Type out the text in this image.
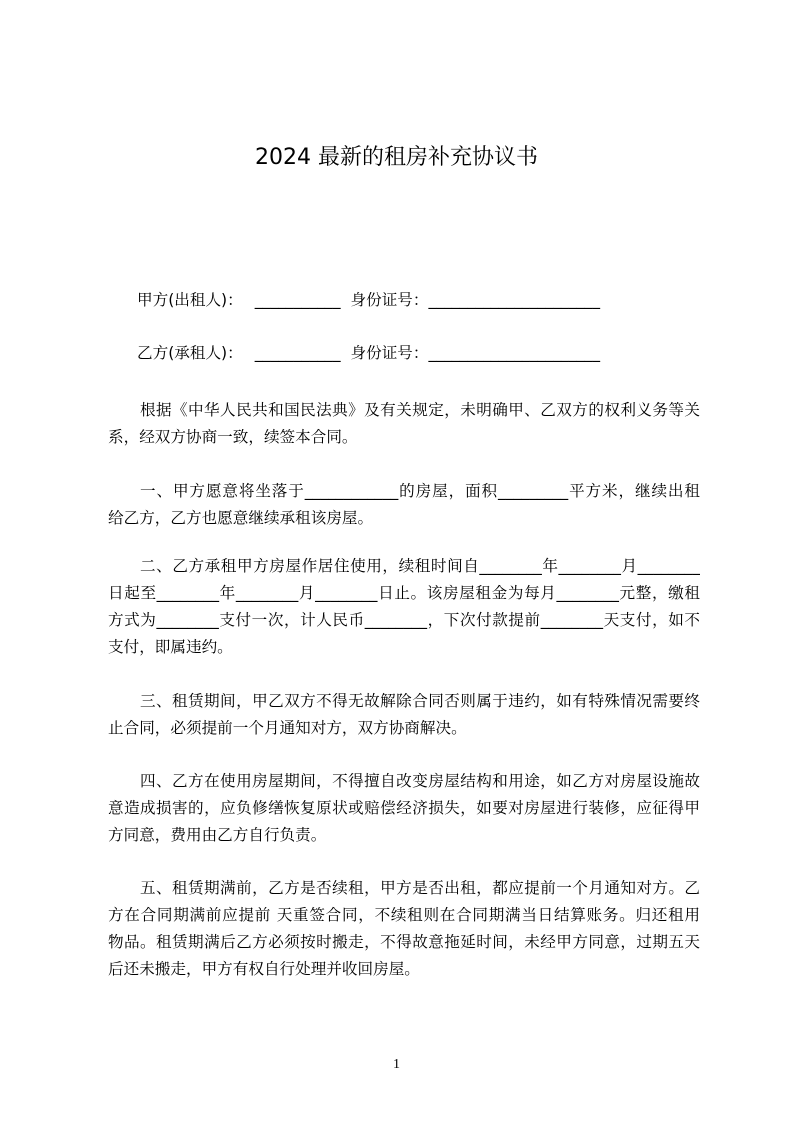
2024 最新的租房补充协议书
甲方(出租人)： ___________ 身份证号：______________________
乙方(承租人)： ___________ 身份证号：______________________
根据《中华人民共和国民法典》及有关规定，未明确甲、乙双方的权利义务等关
系，经双方协商一致，续签本合同。
一、甲方愿意将坐落于____________的房屋，面积_________平方米，继续出租
给乙方，乙方也愿意继续承租该房屋。
二、乙方承租甲方房屋作居住使用，续租时间自________年________月________
日起至________年________月________日止。该房屋租金为每月________元整，缴租
方式为________支付一次，计人民币________，下次付款提前________天支付，如不
支付，即属违约。
三、租赁期间，甲乙双方不得无故解除合同否则属于违约，如有特殊情况需要终
止合同，必须提前一个月通知对方，双方协商解决。
四、乙方在使用房屋期间，不得擅自改变房屋结构和用途，如乙方对房屋设施故
意造成损害的，应负修缮恢复原状或赔偿经济损失，如要对房屋进行装修，应征得甲
方同意，费用由乙方自行负责。
五、租赁期满前，乙方是否续租，甲方是否出租，都应提前一个月通知对方。乙
方在合同期满前应提前 天重签合同，不续租则在合同期满当日结算账务。归还租用
物品。租赁期满后乙方必须按时搬走，不得故意拖延时间，未经甲方同意，过期五天
后还未搬走，甲方有权自行处理并收回房屋。
1
